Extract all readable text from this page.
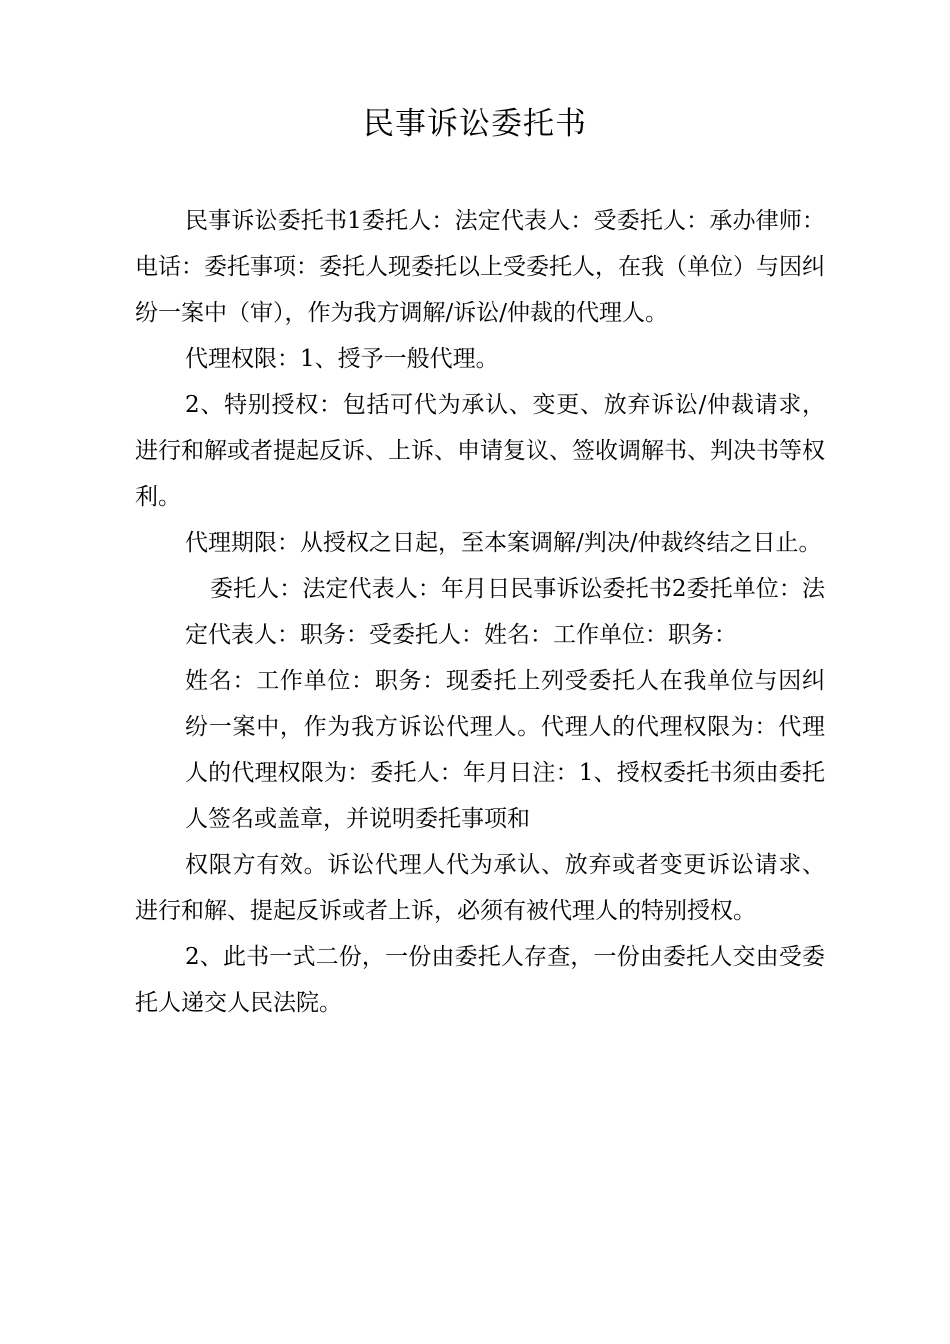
民事诉讼委托书

民事诉讼委托书1委托人：法定代表人：受委托人：承办律师：电话：委托事项：委托人现委托以上受委托人，在我（单位）与因纠纷一案中（审），作为我方调解/诉讼/仲裁的代理人。

代理权限：1、授予一般代理。

2、特别授权：包括可代为承认、变更、放弃诉讼/仲裁请求，进行和解或者提起反诉、上诉、申请复议、签收调解书、判决书等权利。

代理期限：从授权之日起，至本案调解/判决/仲裁终结之日止。

委托人：法定代表人：年月日民事诉讼委托书2委托单位：法定代表人：职务：受委托人：姓名：工作单位：职务：

姓名：工作单位：职务：现委托上列受委托人在我单位与因纠纷一案中，作为我方诉讼代理人。代理人的代理权限为：代理人的代理权限为：委托人：年月日注：1、授权委托书须由委托人签名或盖章，并说明委托事项和

权限方有效。诉讼代理人代为承认、放弃或者变更诉讼请求、进行和解、提起反诉或者上诉，必须有被代理人的特别授权。

2、此书一式二份，一份由委托人存查，一份由委托人交由受委托人递交人民法院。
